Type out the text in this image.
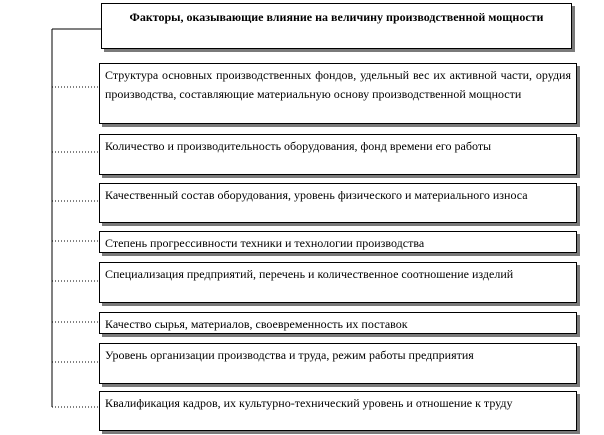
Факторы, оказывающие влияние на величину производственной мощности
Структура основных производственных фондов, удельный вес их активной части, орудия производства, составляющие материальную основу производственной мощности
Количество и производительность оборудования, фонд времени его работы
Качественный состав оборудования, уровень физического и материального износа
Степень прогрессивности техники и технологии производства
Специализация предприятий, перечень и количественное соотношение изделий
Качество сырья, материалов, своевременность их поставок
Уровень организации производства и труда, режим работы предприятия
Квалификация кадров, их культурно-технический уровень и отношение к труду
